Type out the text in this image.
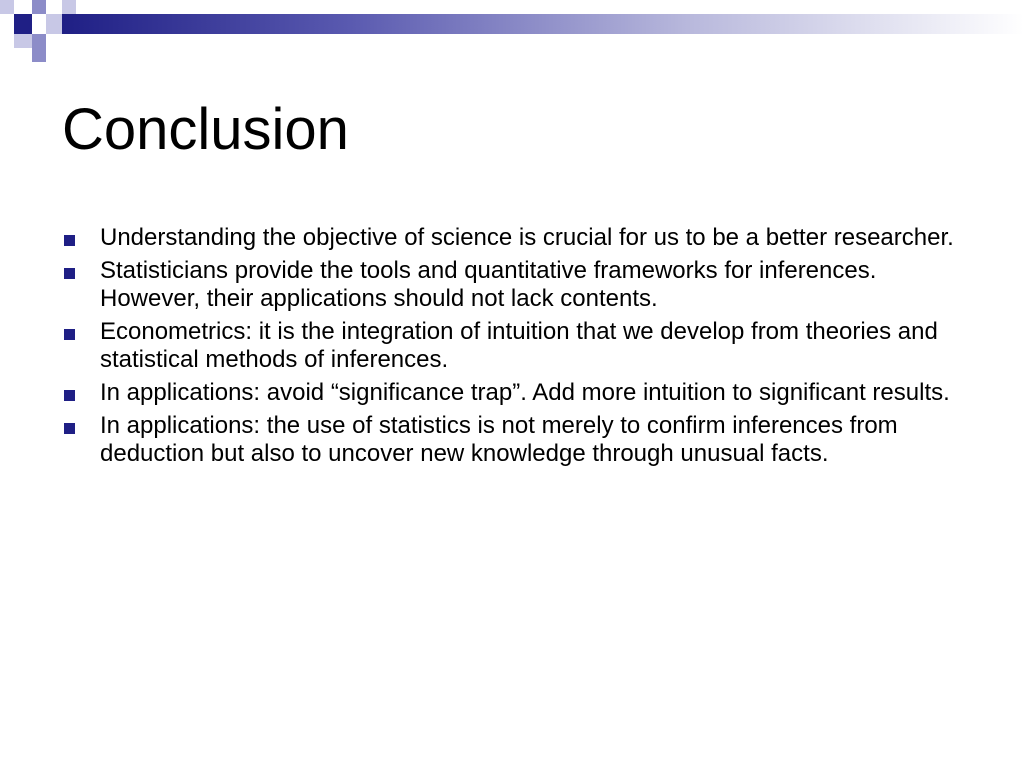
Conclusion
Understanding the objective of science is crucial for us to be a better researcher.
Statisticians provide the tools and quantitative frameworks for inferences. However, their applications should not lack contents.
Econometrics: it is the integration of intuition that we develop from theories and statistical methods of inferences.
In applications: avoid “significance trap”. Add more intuition to significant results.
In applications: the use of statistics is not merely to confirm inferences from deduction but also to uncover new knowledge through unusual facts.
